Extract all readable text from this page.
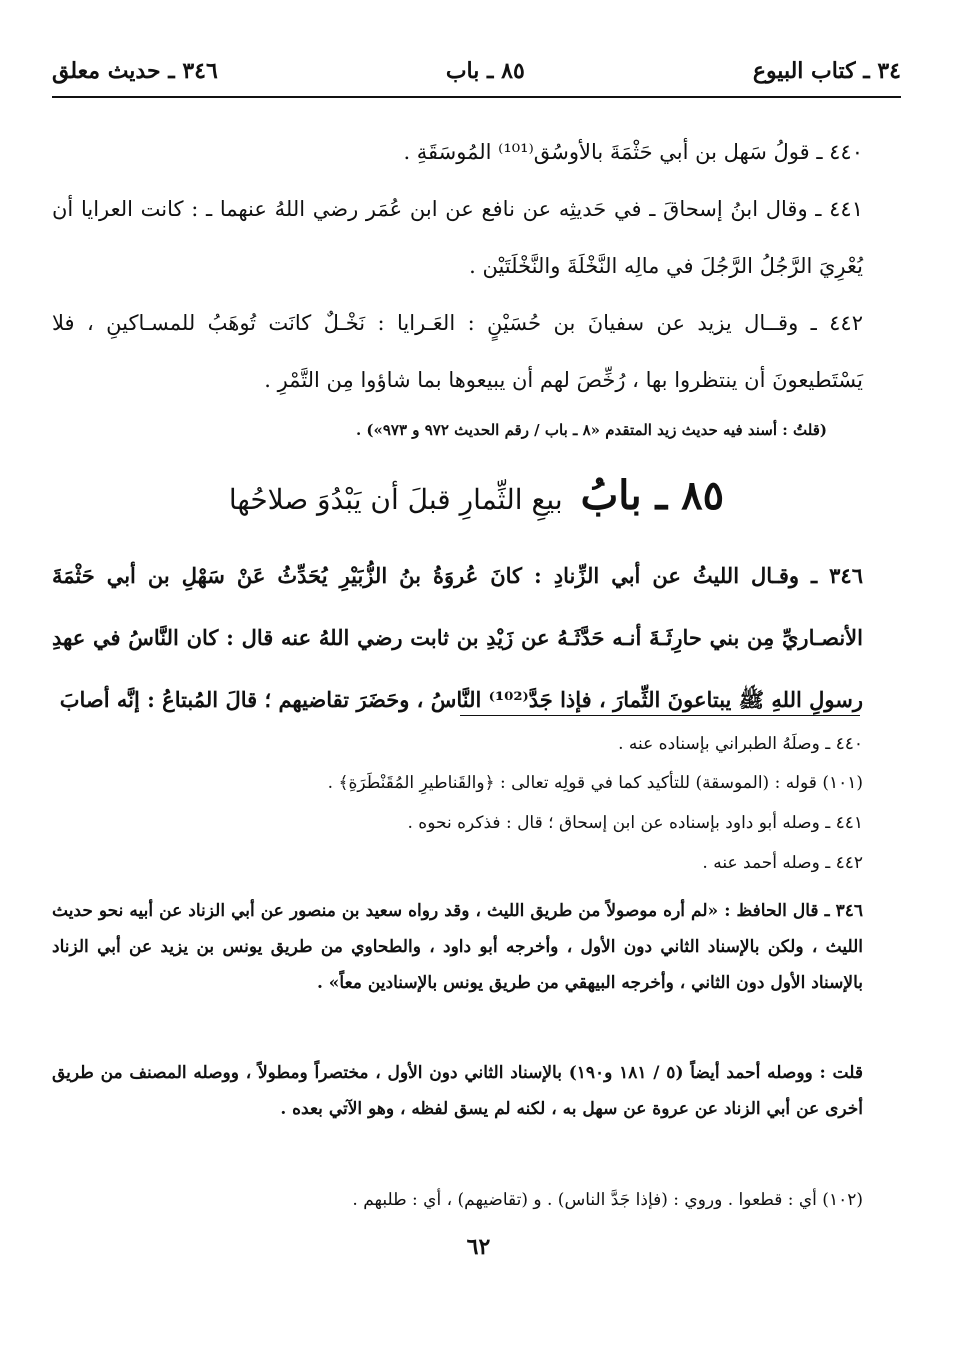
٣٤ ـ كتاب البيوع
٨٥ ـ باب
٣٤٦ ـ حديث معلق
٤٤٠ ـ قولُ سَهل بن أبي حَثْمَةَ بالأوسُق⁽¹⁰¹⁾ المُوسَقَةِ .
٤٤١ ـ وقال ابنُ إسحاقَ ـ في حَديثِه عن نافع عن ابن عُمَر رضي اللهُ عنهما ـ : كانت العرايا أن يُعْرِيَ الرَّجُلُ الرَّجُلَ في مالِه النَّخْلَةَ والنَّخْلَتَيْن .
٤٤٢ ـ وقــال يزيد عن سفيانَ بن حُسَيْنٍ : العَـرايا : نَخْـلٌ كانَت تُوهَبُ للمسـاكينِ ، فلا يَسْتَطيعونَ أن ينتظروا بها ، رُخِّصَ لهم أن يبيعوها بما شاؤوا مِن التَّمْرِ .
(قلتُ : أسند فيه حديث زيد المتقدم «٨ ـ باب / رقم الحديث ٩٧٢ و ٩٧٣») .
٨٥ ـ بابُ
بيعِ الثِّمارِ قبلَ أن يَبْدُوَ صلاحُها
٣٤٦ ـ وقـال الليثُ عن أبي الزِّنادِ : كانَ عُروَةُ بنُ الزُّبَيْرِ يُحَدِّثُ عَنْ سَهْلِ بن أبي حَثْمَةَ الأنصـاريِّ مِن بني حارِثَـةَ أنـه حَدَّثَـهُ عن زَيْدِ بن ثابت رضي اللهُ عنه قال : كان النَّاسُ في عهدِ رسولِ اللهِ ﷺ يبتاعونَ الثِّمارَ ، فإذا جَدَّ⁽¹⁰²⁾ النَّاسُ ، وحَضَرَ تقاضيهم ؛ قالَ المُبتاعُ : إنَّه أصابَ
٤٤٠ ـ وصلَهُ الطبراني بإسناده عنه .
(١٠١) قوله : (الموسقة) للتأكيد كما في قولِه تعالى : ﴿والقَناطيرِ المُقَنْطَرَةِ﴾ .
٤٤١ ـ وصله أبو داود بإسناده عن ابن إسحاق ؛ قال : فذكره نحوه .
٤٤٢ ـ وصله أحمد عنه .
٣٤٦ ـ قال الحافظ : «لم أره موصولاً من طريق الليث ، وقد رواه سعيد بن منصور عن أبي الزناد عن أبيه نحو حديث الليث ، ولكن بالإسناد الثاني دون الأول ، وأخرجه أبو داود ، والطحاوي من طريق يونس بن يزيد عن أبي الزناد بالإسناد الأول دون الثاني ، وأخرجه البيهقي من طريق يونس بالإسنادين معاً» .
قلت : ووصله أحمد أيضاً (٥ / ١٨١ و١٩٠) بالإسناد الثاني دون الأول ، مختصراً ومطولاً ، ووصله المصنف من طريق أخرى عن أبي الزناد عن عروة عن سهل به ، لكنه لم يسق لفظه ، وهو الآتي بعده .
(١٠٢) أي : قطعوا . وروي : (فإذا جَدَّ الناس) . و (تقاضيهم) ، أي : طلبهم .
٦٢
